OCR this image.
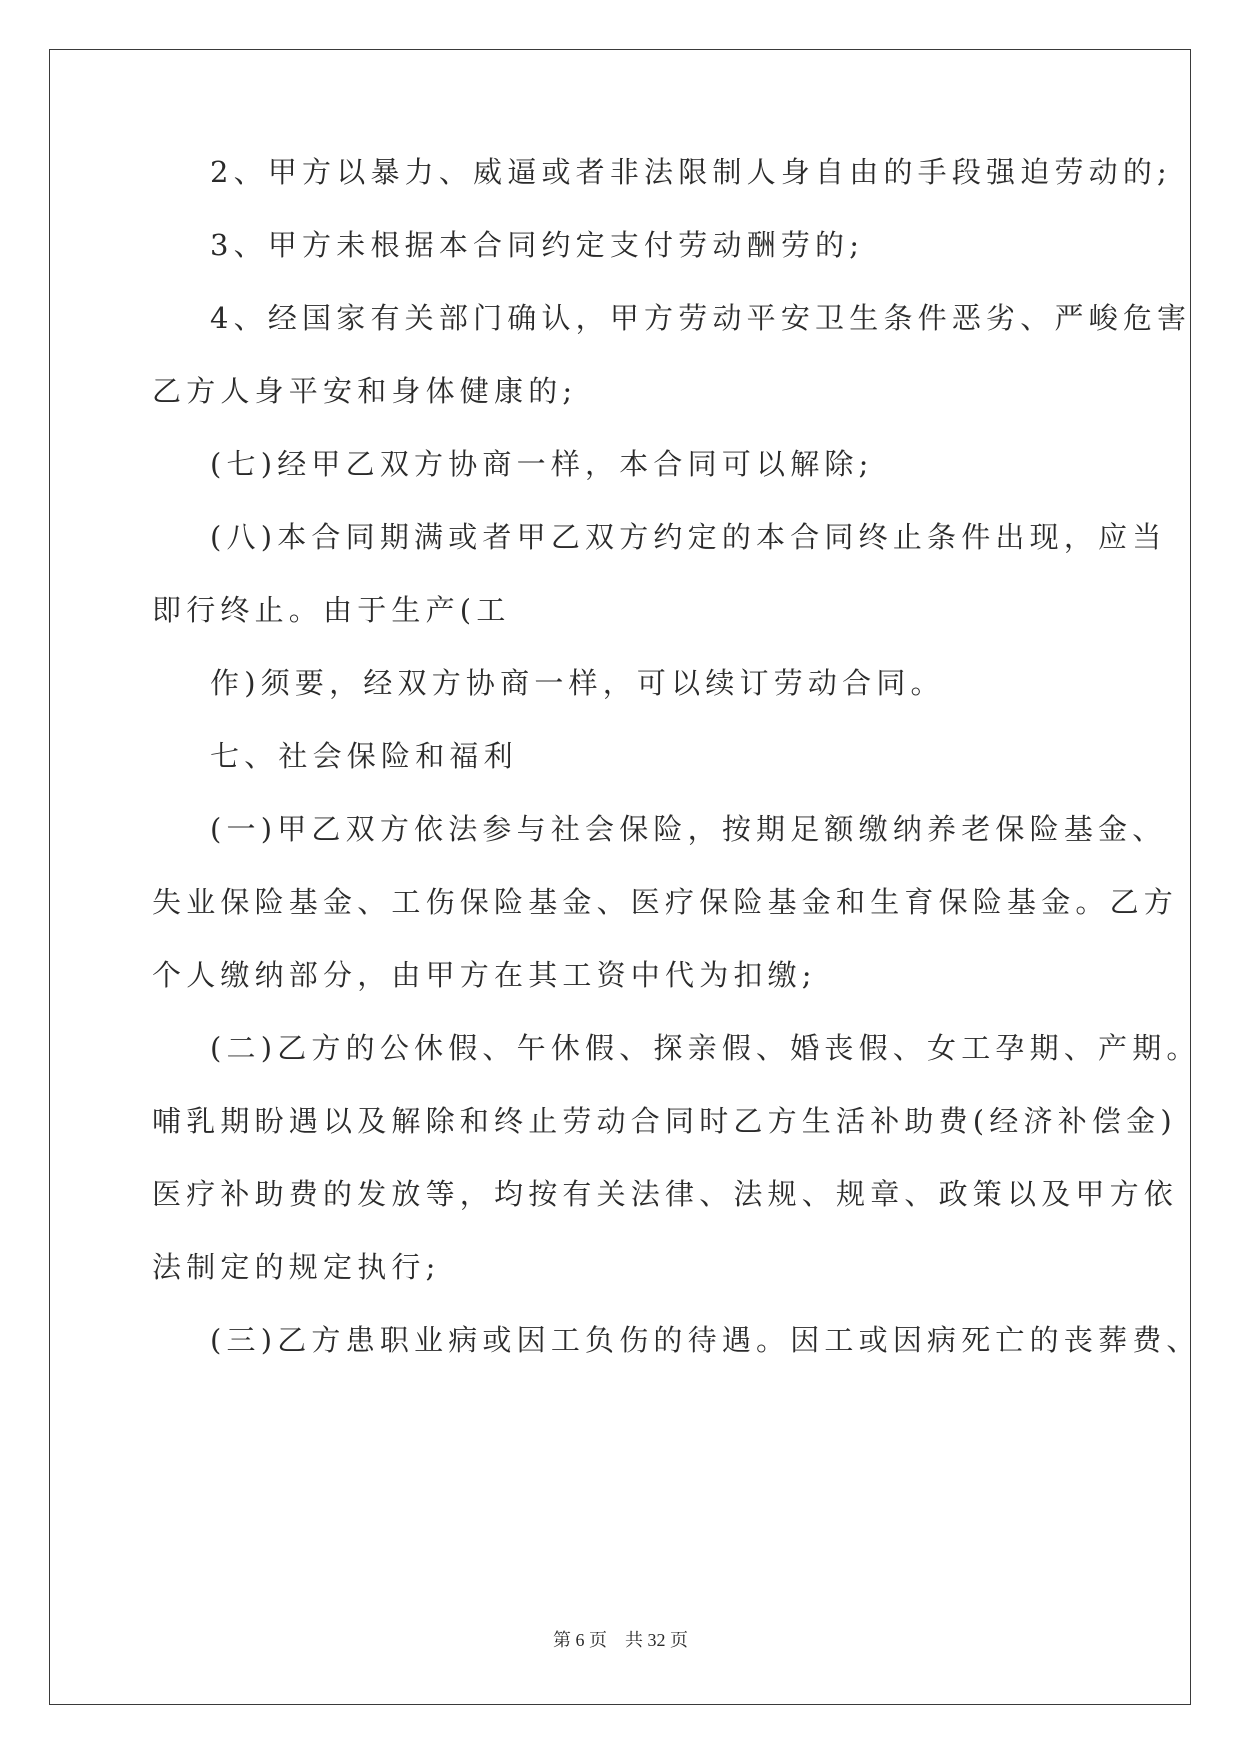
2、甲方以暴力、威逼或者非法限制人身自由的手段强迫劳动的;
3、甲方未根据本合同约定支付劳动酬劳的;
4、经国家有关部门确认，甲方劳动平安卫生条件恶劣、严峻危害
乙方人身平安和身体健康的;
(七)经甲乙双方协商一样，本合同可以解除;
(八)本合同期满或者甲乙双方约定的本合同终止条件出现，应当
即行终止。由于生产(工
作)须要，经双方协商一样，可以续订劳动合同。
七、社会保险和福利
(一)甲乙双方依法参与社会保险，按期足额缴纳养老保险基金、
失业保险基金、工伤保险基金、医疗保险基金和生育保险基金。乙方
个人缴纳部分，由甲方在其工资中代为扣缴;
(二)乙方的公休假、午休假、探亲假、婚丧假、女工孕期、产期。
哺乳期盼遇以及解除和终止劳动合同时乙方生活补助费(经济补偿金)
医疗补助费的发放等，均按有关法律、法规、规章、政策以及甲方依
法制定的规定执行;
(三)乙方患职业病或因工负伤的待遇。因工或因病死亡的丧葬费、
第 6 页 共 32 页
